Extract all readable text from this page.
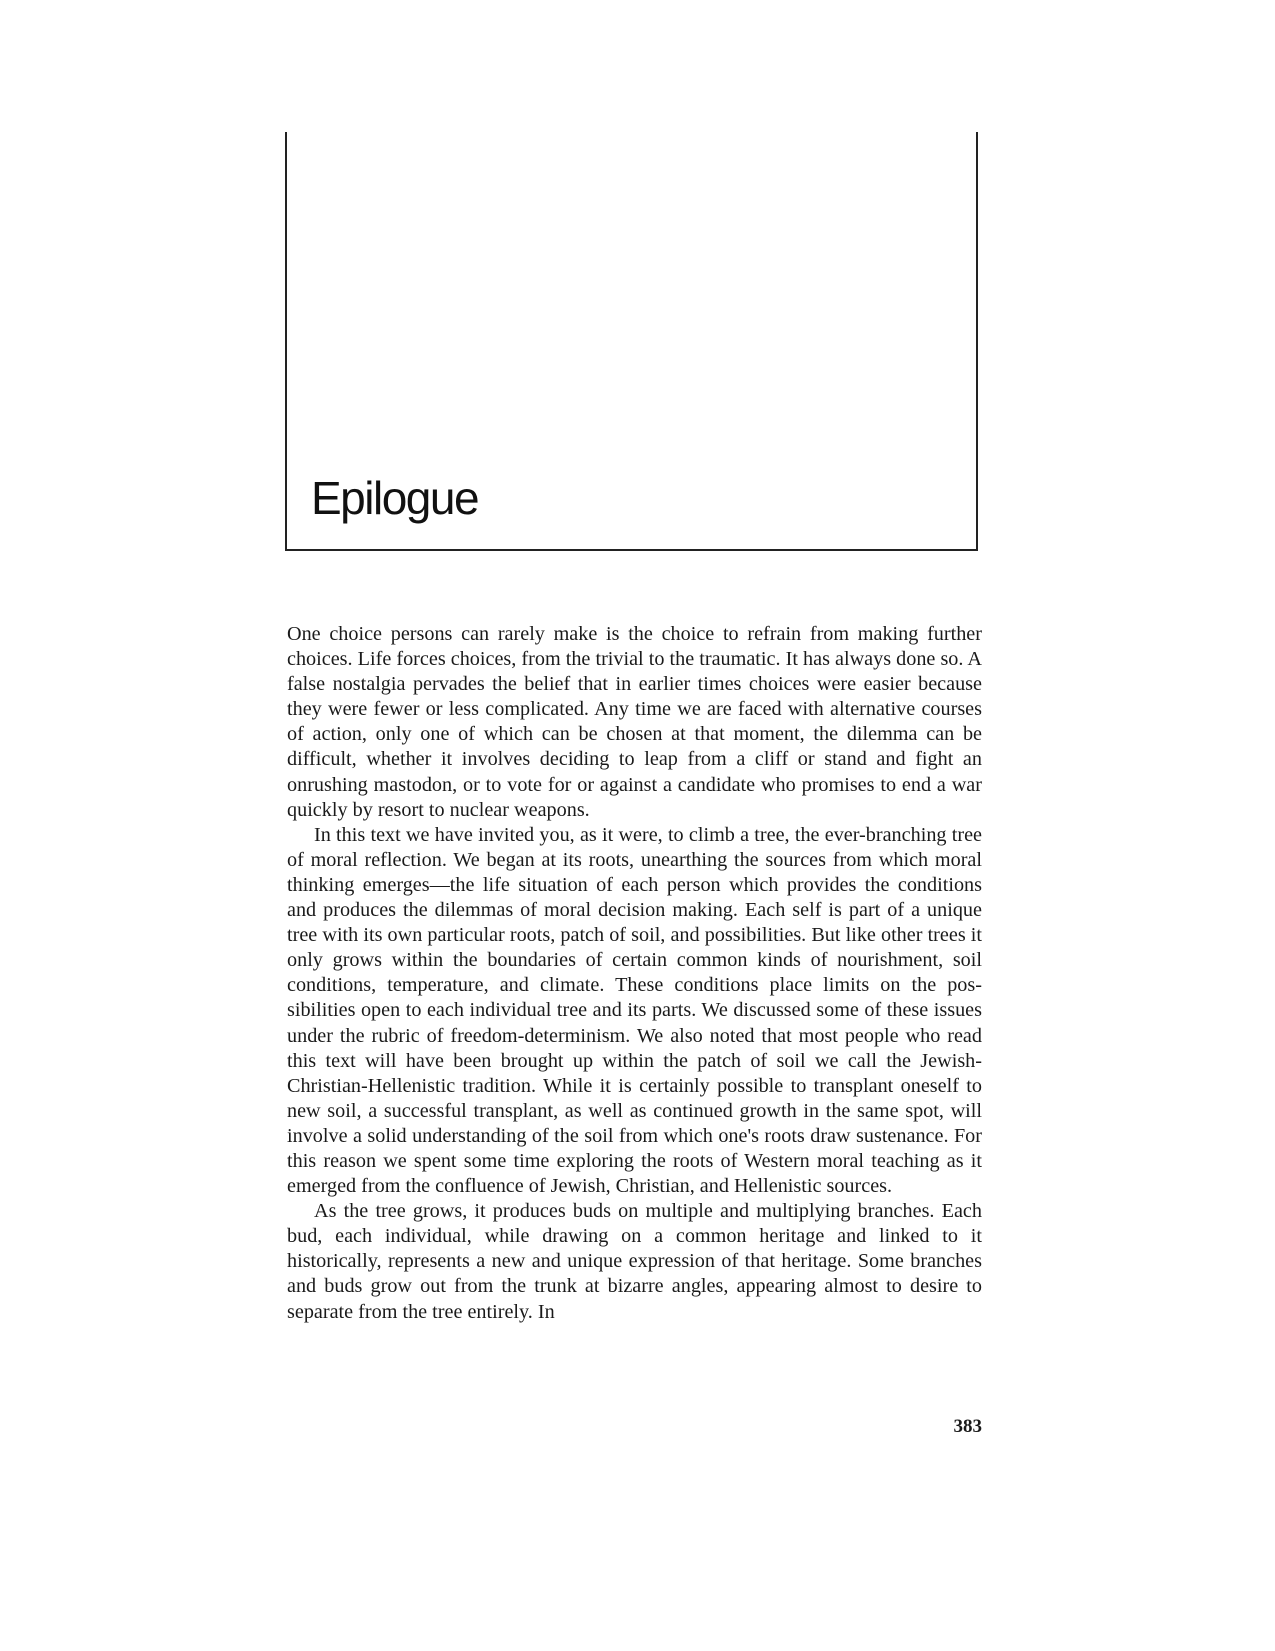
Epilogue

One choice persons can rarely make is the choice to refrain from making further choices. Life forces choices, from the trivial to the traumatic. It has always done so. A false nostalgia pervades the belief that in earlier times choices were easier because they were fewer or less complicated. Any time we are faced with alternative courses of action, only one of which can be chosen at that moment, the dilemma can be difficult, whether it involves deciding to leap from a cliff or stand and fight an onrushing mastodon, or to vote for or against a candidate who promises to end a war quickly by resort to nuclear weapons.

In this text we have invited you, as it were, to climb a tree, the ever-branching tree of moral reflection. We began at its roots, unearthing the sources from which moral thinking emerges—the life situation of each person which provides the conditions and produces the dilemmas of moral decision making. Each self is part of a unique tree with its own particular roots, patch of soil, and possibilities. But like other trees it only grows within the boundaries of certain common kinds of nourishment, soil conditions, temperature, and climate. These conditions place limits on the possibilities open to each individual tree and its parts. We discussed some of these issues under the rubric of freedom-determinism. We also noted that most people who read this text will have been brought up within the patch of soil we call the Jewish-Christian-Hellenistic tradition. While it is certainly possible to transplant oneself to new soil, a successful transplant, as well as continued growth in the same spot, will involve a solid understanding of the soil from which one's roots draw sustenance. For this reason we spent some time exploring the roots of Western moral teaching as it emerged from the confluence of Jewish, Christian, and Hellenistic sources.

As the tree grows, it produces buds on multiple and multiplying branches. Each bud, each individual, while drawing on a common heritage and linked to it historically, represents a new and unique expression of that heritage. Some branches and buds grow out from the trunk at bizarre angles, appearing almost to desire to separate from the tree entirely. In

383
